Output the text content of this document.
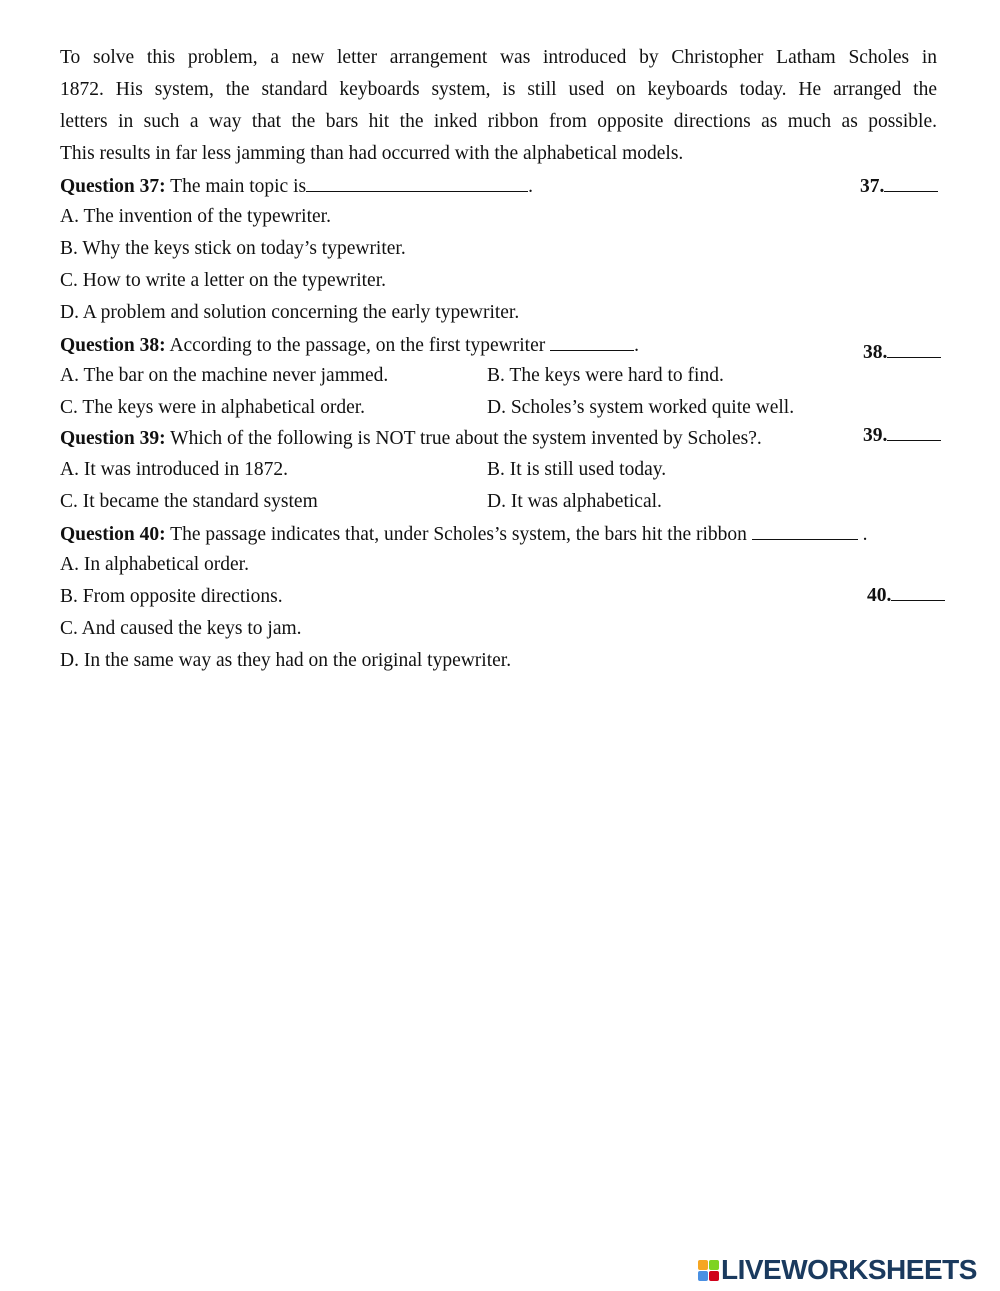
To solve this problem, a new letter arrangement was introduced by Christopher Latham Scholes in
1872. His system, the standard keyboards system, is still used on keyboards today. He arranged the
letters in such a way that the bars hit the inked ribbon from opposite directions as much as possible.
This results in far less jamming than had occurred with the alphabetical models.
Question 37: The main topic is	.	37.
A. The invention of the typewriter.
B. Why the keys stick on today’s typewriter.
C. How to write a letter on the typewriter.
D. A problem and solution concerning the early typewriter.
Question 38: According to the passage, on the first typewriter	.	38.
A. The bar on the machine never jammed.	B. The keys were hard to find.
C. The keys were in alphabetical order.	D. Scholes’s system worked quite well.
Question 39: Which of the following is NOT true about the system invented by Scholes?.	39.
A. It was introduced in 1872.	B. It is still used today.
C. It became the standard system	D. It was alphabetical.
Question 40: The passage indicates that, under Scholes’s system, the bars hit the ribbon	.
A. In alphabetical order.
B. From opposite directions.	40.
C. And caused the keys to jam.
D. In the same way as they had on the original typewriter.
LIVEWORKSHEETS
